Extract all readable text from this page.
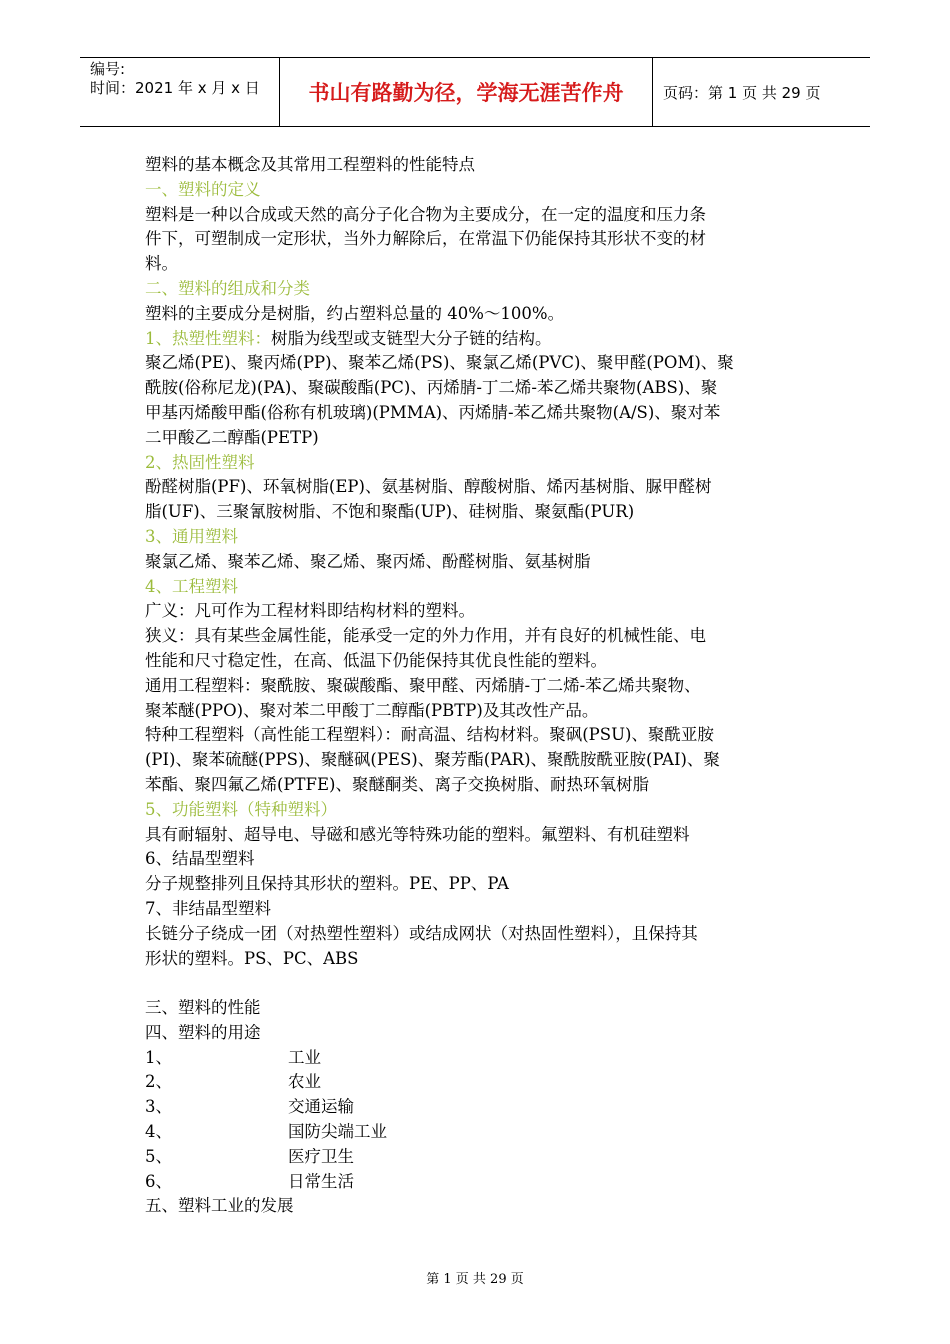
编号:
时间：2021 年 x 月 x 日	书山有路勤为径，学海无涯苦作舟	页码：第 1 页 共 29 页
塑料的基本概念及其常用工程塑料的性能特点
一、塑料的定义
塑料是一种以合成或天然的高分子化合物为主要成分，在一定的温度和压力条
件下，可塑制成一定形状，当外力解除后，在常温下仍能保持其形状不变的材
料。
二、塑料的组成和分类
塑料的主要成分是树脂，约占塑料总量的 40%～100%。
1、热塑性塑料：树脂为线型或支链型大分子链的结构。
聚乙烯(PE)、聚丙烯(PP)、聚苯乙烯(PS)、聚氯乙烯(PVC)、聚甲醛(POM)、聚
酰胺(俗称尼龙)(PA)、聚碳酸酯(PC)、丙烯腈-丁二烯-苯乙烯共聚物(ABS)、聚
甲基丙烯酸甲酯(俗称有机玻璃)(PMMA)、丙烯腈-苯乙烯共聚物(A/S)、聚对苯
二甲酸乙二醇酯(PETP)
2、热固性塑料
酚醛树脂(PF)、环氧树脂(EP)、氨基树脂、醇酸树脂、烯丙基树脂、脲甲醛树
脂(UF)、三聚氰胺树脂、不饱和聚酯(UP)、硅树脂、聚氨酯(PUR)
3、通用塑料
聚氯乙烯、聚苯乙烯、聚乙烯、聚丙烯、酚醛树脂、氨基树脂
4、工程塑料
广义：凡可作为工程材料即结构材料的塑料。
狭义：具有某些金属性能，能承受一定的外力作用，并有良好的机械性能、电
性能和尺寸稳定性，在高、低温下仍能保持其优良性能的塑料。
通用工程塑料：聚酰胺、聚碳酸酯、聚甲醛、丙烯腈-丁二烯-苯乙烯共聚物、
聚苯醚(PPO)、聚对苯二甲酸丁二醇酯(PBTP)及其改性产品。
特种工程塑料（高性能工程塑料）：耐高温、结构材料。聚砜(PSU)、聚酰亚胺
(PI)、聚苯硫醚(PPS)、聚醚砜(PES)、聚芳酯(PAR)、聚酰胺酰亚胺(PAI)、聚
苯酯、聚四氟乙烯(PTFE)、聚醚酮类、离子交换树脂、耐热环氧树脂
5、功能塑料（特种塑料）
具有耐辐射、超导电、导磁和感光等特殊功能的塑料。氟塑料、有机硅塑料
6、结晶型塑料
分子规整排列且保持其形状的塑料。PE、PP、PA
7、非结晶型塑料
长链分子绕成一团（对热塑性塑料）或结成网状（对热固性塑料），且保持其
形状的塑料。PS、PC、ABS
三、塑料的性能
四、塑料的用途
1、	工业
2、	农业
3、	交通运输
4、	国防尖端工业
5、	医疗卫生
6、	日常生活
五、塑料工业的发展
第 1 页 共 29 页
